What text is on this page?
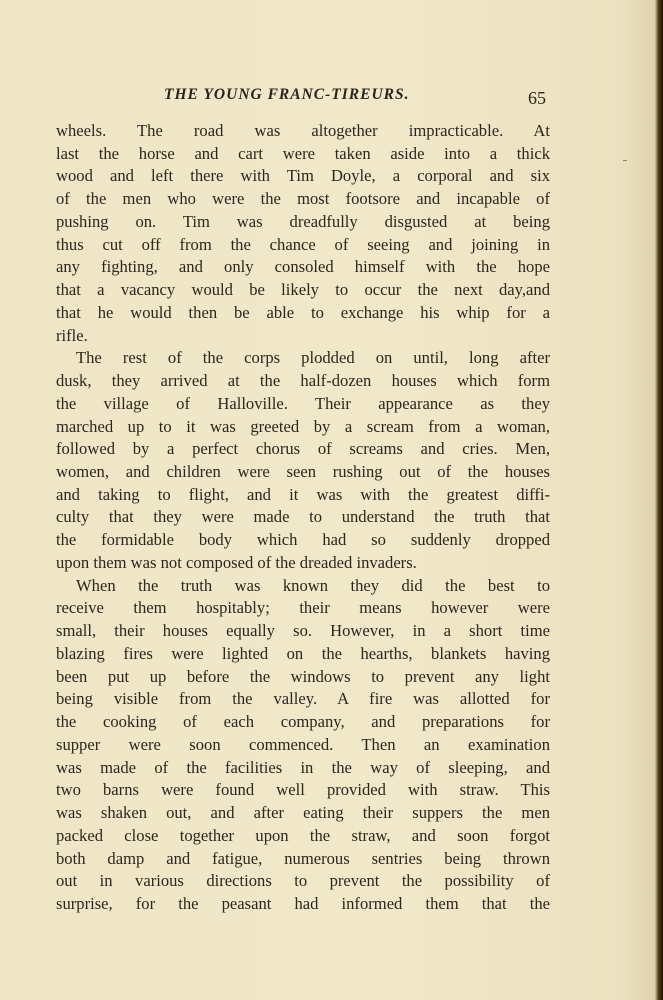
THE YOUNG FRANC-TIREURS.	65
wheels. The road was altogether impracticable. At
last the horse and cart were taken aside into a thick
wood and left there with Tim Doyle, a corporal and six
of the men who were the most footsore and incapable of
pushing on. Tim was dreadfully disgusted at being
thus cut off from the chance of seeing and joining in
any fighting, and only consoled himself with the hope
that a vacancy would be likely to occur the next day,and
that he would then be able to exchange his whip for a
rifle.
The rest of the corps plodded on until, long after
dusk, they arrived at the half-dozen houses which form
the village of Halloville. Their appearance as they
marched up to it was greeted by a scream from a woman,
followed by a perfect chorus of screams and cries. Men,
women, and children were seen rushing out of the houses
and taking to flight, and it was with the greatest diffi-
culty that they were made to understand the truth that
the formidable body which had so suddenly dropped
upon them was not composed of the dreaded invaders.
When the truth was known they did the best to
receive them hospitably; their means however were
small, their houses equally so. However, in a short time
blazing fires were lighted on the hearths, blankets having
been put up before the windows to prevent any light
being visible from the valley. A fire was allotted for
the cooking of each company, and preparations for
supper were soon commenced. Then an examination
was made of the facilities in the way of sleeping, and
two barns were found well provided with straw. This
was shaken out, and after eating their suppers the men
packed close together upon the straw, and soon forgot
both damp and fatigue, numerous sentries being thrown
out in various directions to prevent the possibility of
surprise, for the peasant had informed them that the
